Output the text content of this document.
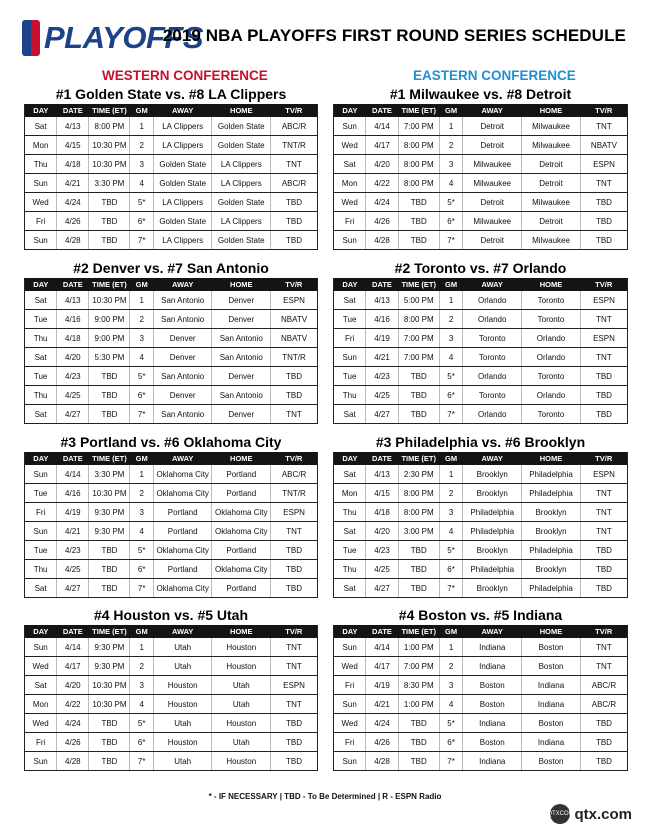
PLAYOFFS
2019 NBA PLAYOFFS FIRST ROUND SERIES SCHEDULE
WESTERN CONFERENCE	EASTERN CONFERENCE
#1 Golden State vs. #8 LA Clippers
DAY	DATE	TIME (ET)	GM	AWAY	HOME	TV/R
Sat	4/13	8:00 PM	1	LA Clippers	Golden State	ABC/R
Mon	4/15	10:30 PM	2	LA Clippers	Golden State	TNT/R
Thu	4/18	10:30 PM	3	Golden State	LA Clippers	TNT
Sun	4/21	3:30 PM	4	Golden State	LA Clippers	ABC/R
Wed	4/24	TBD	5*	LA Clippers	Golden State	TBD
Fri	4/26	TBD	6*	Golden State	LA Clippers	TBD
Sun	4/28	TBD	7*	LA Clippers	Golden State	TBD
#1 Milwaukee vs. #8 Detroit
DAY	DATE	TIME (ET)	GM	AWAY	HOME	TV/R
Sun	4/14	7:00 PM	1	Detroit	Milwaukee	TNT
Wed	4/17	8:00 PM	2	Detroit	Milwaukee	NBATV
Sat	4/20	8:00 PM	3	Milwaukee	Detroit	ESPN
Mon	4/22	8:00 PM	4	Milwaukee	Detroit	TNT
Wed	4/24	TBD	5*	Detroit	Milwaukee	TBD
Fri	4/26	TBD	6*	Milwaukee	Detroit	TBD
Sun	4/28	TBD	7*	Detroit	Milwaukee	TBD
#2 Denver vs. #7 San Antonio
DAY	DATE	TIME (ET)	GM	AWAY	HOME	TV/R
Sat	4/13	10:30 PM	1	San Antonio	Denver	ESPN
Tue	4/16	9:00 PM	2	San Antonio	Denver	NBATV
Thu	4/18	9:00 PM	3	Denver	San Antonio	NBATV
Sat	4/20	5:30 PM	4	Denver	San Antonio	TNT/R
Tue	4/23	TBD	5*	San Antonio	Denver	TBD
Thu	4/25	TBD	6*	Denver	San Antonio	TBD
Sat	4/27	TBD	7*	San Antonio	Denver	TNT
#2 Toronto vs. #7 Orlando
DAY	DATE	TIME (ET)	GM	AWAY	HOME	TV/R
Sat	4/13	5:00 PM	1	Orlando	Toronto	ESPN
Tue	4/16	8:00 PM	2	Orlando	Toronto	TNT
Fri	4/19	7:00 PM	3	Toronto	Orlando	ESPN
Sun	4/21	7:00 PM	4	Toronto	Orlando	TNT
Tue	4/23	TBD	5*	Orlando	Toronto	TBD
Thu	4/25	TBD	6*	Toronto	Orlando	TBD
Sat	4/27	TBD	7*	Orlando	Toronto	TBD
#3 Portland vs. #6 Oklahoma City
DAY	DATE	TIME (ET)	GM	AWAY	HOME	TV/R
Sun	4/14	3:30 PM	1	Oklahoma City	Portland	ABC/R
Tue	4/16	10:30 PM	2	Oklahoma City	Portland	TNT/R
Fri	4/19	9:30 PM	3	Portland	Oklahoma City	ESPN
Sun	4/21	9:30 PM	4	Portland	Oklahoma City	TNT
Tue	4/23	TBD	5*	Oklahoma City	Portland	TBD
Thu	4/25	TBD	6*	Portland	Oklahoma City	TBD
Sat	4/27	TBD	7*	Oklahoma City	Portland	TBD
#3 Philadelphia vs. #6 Brooklyn
DAY	DATE	TIME (ET)	GM	AWAY	HOME	TV/R
Sat	4/13	2:30 PM	1	Brooklyn	Philadelphia	ESPN
Mon	4/15	8:00 PM	2	Brooklyn	Philadelphia	TNT
Thu	4/18	8:00 PM	3	Philadelphia	Brooklyn	TNT
Sat	4/20	3:00 PM	4	Philadelphia	Brooklyn	TNT
Tue	4/23	TBD	5*	Brooklyn	Philadelphia	TBD
Thu	4/25	TBD	6*	Philadelphia	Brooklyn	TBD
Sat	4/27	TBD	7*	Brooklyn	Philadelphia	TBD
#4 Houston vs. #5 Utah
DAY	DATE	TIME (ET)	GM	AWAY	HOME	TV/R
Sun	4/14	9:30 PM	1	Utah	Houston	TNT
Wed	4/17	9:30 PM	2	Utah	Houston	TNT
Sat	4/20	10:30 PM	3	Houston	Utah	ESPN
Mon	4/22	10:30 PM	4	Houston	Utah	TNT
Wed	4/24	TBD	5*	Utah	Houston	TBD
Fri	4/26	TBD	6*	Houston	Utah	TBD
Sun	4/28	TBD	7*	Utah	Houston	TBD
#4 Boston vs. #5 Indiana
DAY	DATE	TIME (ET)	GM	AWAY	HOME	TV/R
Sun	4/14	1:00 PM	1	Indiana	Boston	TNT
Wed	4/17	7:00 PM	2	Indiana	Boston	TNT
Fri	4/19	8:30 PM	3	Boston	Indiana	ABC/R
Sun	4/21	1:00 PM	4	Boston	Indiana	ABC/R
Wed	4/24	TBD	5*	Indiana	Boston	TBD
Fri	4/26	TBD	6*	Boston	Indiana	TBD
Sun	4/28	TBD	7*	Indiana	Boston	TBD
* - IF NECESSARY | TBD - To Be Determined | R - ESPN Radio
QTXCOM qtx.com
